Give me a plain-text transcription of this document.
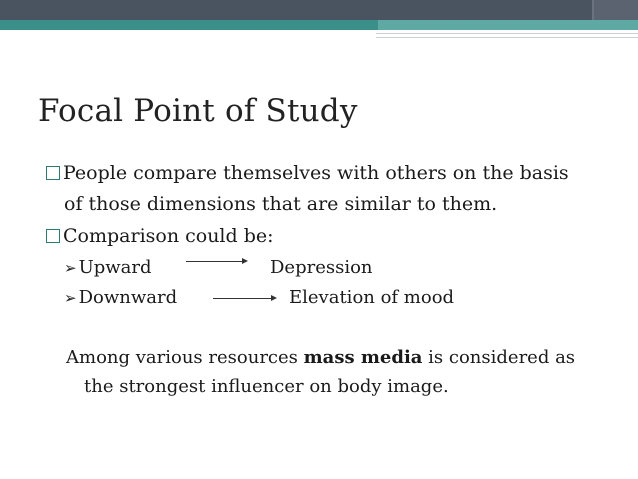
Focal Point of Study
People compare themselves with others on the basis
of those dimensions that are similar to them.
Comparison could be:
➢ Upward	Depression
➢ Downward	Elevation of mood
Among various resources mass media is considered as
the strongest influencer on body image.
